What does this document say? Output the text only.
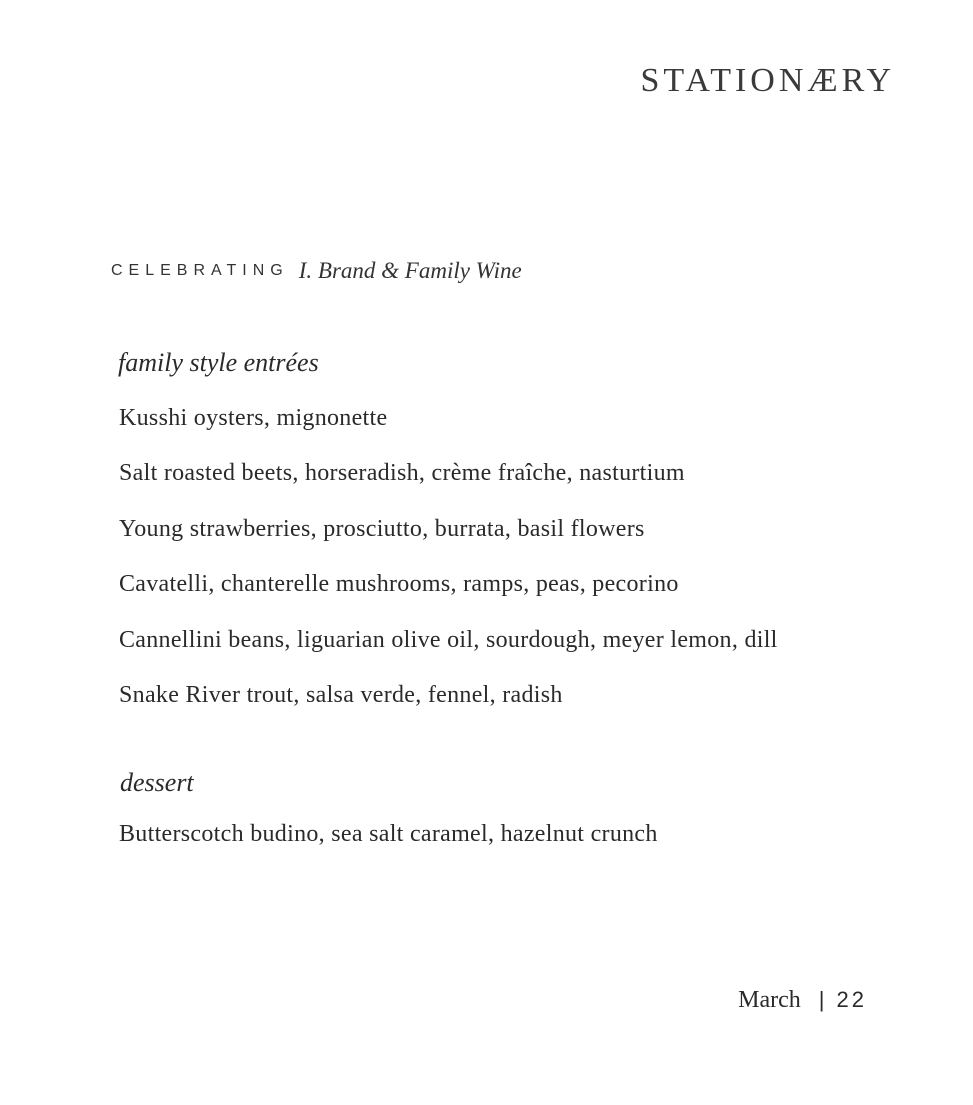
STATIONÆRY
CELEBRATING I. Brand & Family Wine
family style entrées
Kusshi oysters, mignonette
Salt roasted beets, horseradish, crème fraîche, nasturtium
Young strawberries, prosciutto, burrata, basil flowers
Cavatelli, chanterelle mushrooms, ramps, peas, pecorino
Cannellini beans, liguarian olive oil, sourdough, meyer lemon, dill
Snake River trout, salsa verde, fennel, radish
dessert
Butterscotch budino, sea salt caramel, hazelnut crunch
March | 22
